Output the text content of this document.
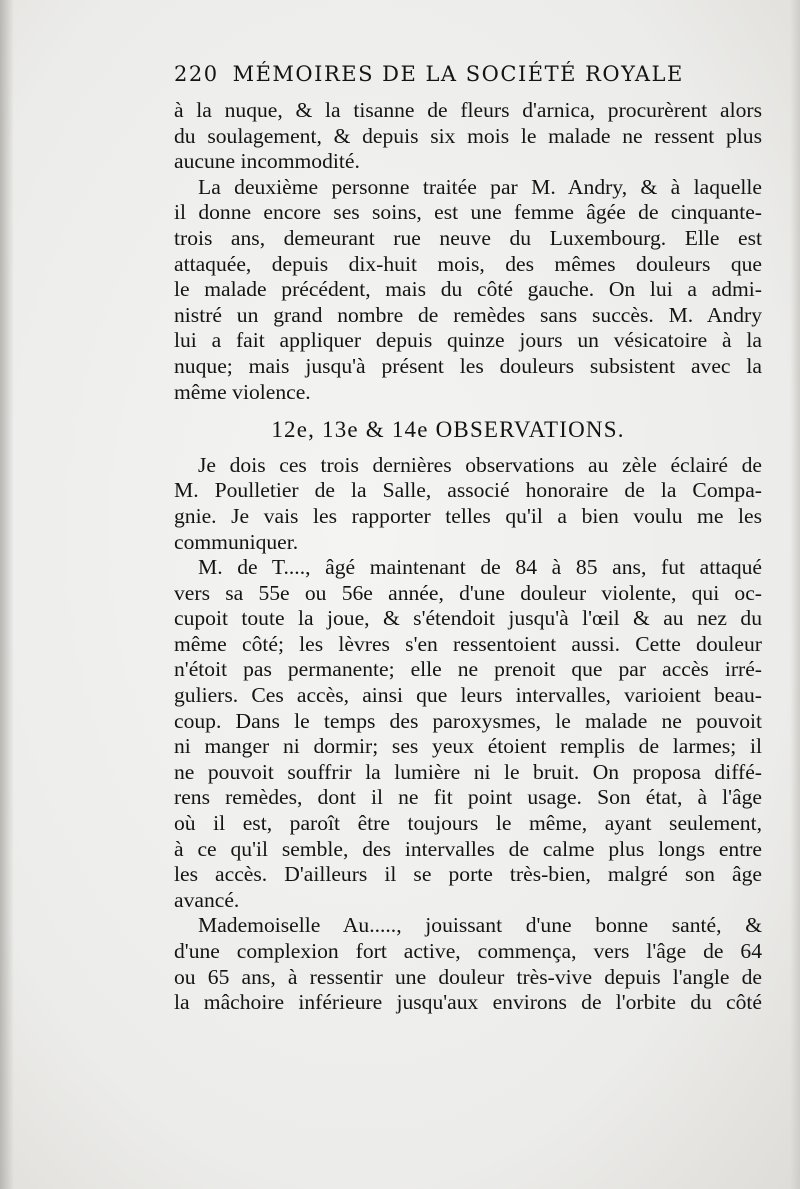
220 MÉMOIRES DE LA SOCIÉTÉ ROYALE
à la nuque, & la tisanne de fleurs d'arnica, procurèrent alors
du soulagement, & depuis six mois le malade ne ressent plus
aucune incommodité.
La deuxième personne traitée par M. Andry, & à laquelle
il donne encore ses soins, est une femme âgée de cinquante-
trois ans, demeurant rue neuve du Luxembourg. Elle est
attaquée, depuis dix-huit mois, des mêmes douleurs que
le malade précédent, mais du côté gauche. On lui a admi-
nistré un grand nombre de remèdes sans succès. M. Andry
lui a fait appliquer depuis quinze jours un vésicatoire à la
nuque; mais jusqu'à présent les douleurs subsistent avec la
même violence.
12e, 13e & 14e OBSERVATIONS.
Je dois ces trois dernières observations au zèle éclairé de
M. Poulletier de la Salle, associé honoraire de la Compa-
gnie. Je vais les rapporter telles qu'il a bien voulu me les
communiquer.
M. de T...., âgé maintenant de 84 à 85 ans, fut attaqué
vers sa 55e ou 56e année, d'une douleur violente, qui oc-
cupoit toute la joue, & s'étendoit jusqu'à l'œil & au nez du
même côté; les lèvres s'en ressentoient aussi. Cette douleur
n'étoit pas permanente; elle ne prenoit que par accès irré-
guliers. Ces accès, ainsi que leurs intervalles, varioient beau-
coup. Dans le temps des paroxysmes, le malade ne pouvoit
ni manger ni dormir; ses yeux étoient remplis de larmes; il
ne pouvoit souffrir la lumière ni le bruit. On proposa diffé-
rens remèdes, dont il ne fit point usage. Son état, à l'âge
où il est, paroît être toujours le même, ayant seulement,
à ce qu'il semble, des intervalles de calme plus longs entre
les accès. D'ailleurs il se porte très-bien, malgré son âge
avancé.
Mademoiselle Au....., jouissant d'une bonne santé, &
d'une complexion fort active, commença, vers l'âge de 64
ou 65 ans, à ressentir une douleur très-vive depuis l'angle de
la mâchoire inférieure jusqu'aux environs de l'orbite du côté
